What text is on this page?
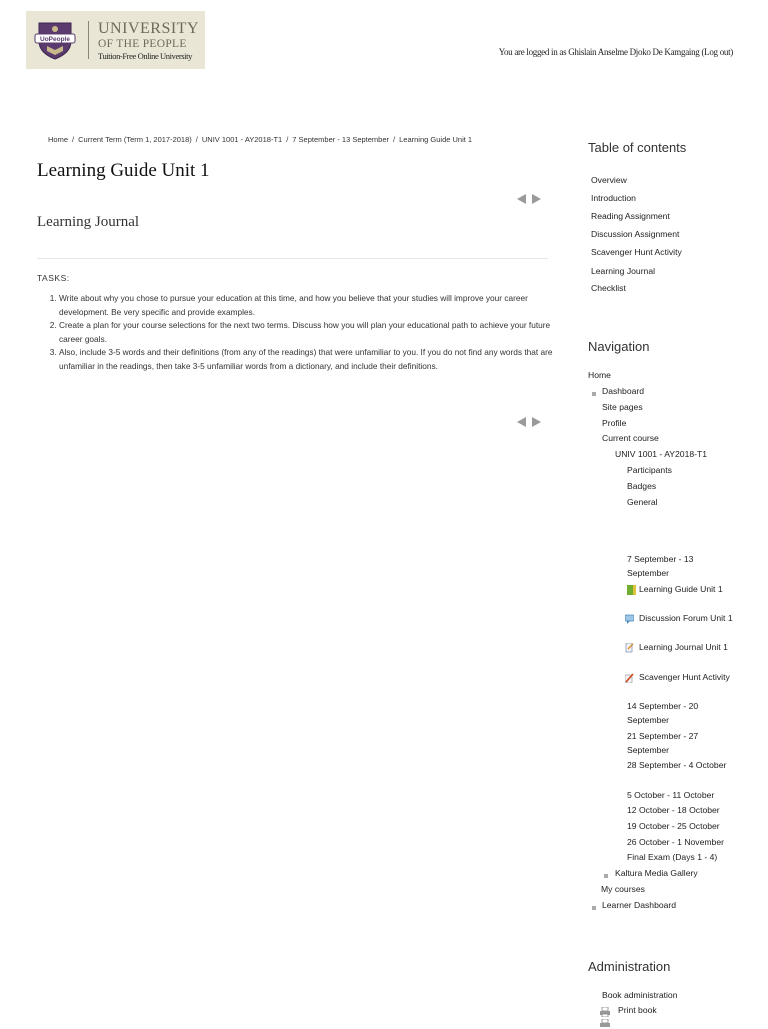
UoPeople
UNIVERSITY
OF THE PEOPLE
Tuition-Free Online University	You are logged in as Ghislain Anselme Djoko De Kamgaing (Log out)
Home / Current Term (Term 1, 2017-2018) / UNIV 1001 - AY2018-T1 / 7 September - 13 September / Learning Guide Unit 1
Learning Guide Unit 1
Learning Journal
TASKS:
1. Write about why you chose to pursue your education at this time, and how you believe that your studies will improve your career development. Be very specific and provide examples.
2. Create a plan for your course selections for the next two terms. Discuss how you will plan your educational path to achieve your future career goals.
3. Also, include 3-5 words and their definitions (from any of the readings) that were unfamiliar to you. If you do not find any words that are unfamiliar in the readings, then take 3-5 unfamiliar words from a dictionary, and include their definitions.
Table of contents
Overview
Introduction
Reading Assignment
Discussion Assignment
Scavenger Hunt Activity
Learning Journal
Checklist
Navigation
Home
Dashboard
Site pages
Profile
Current course
UNIV 1001 - AY2018-T1
Participants
Badges
General
7 September - 13 September
Learning Guide Unit 1
Discussion Forum Unit 1
Learning Journal Unit 1
Scavenger Hunt Activity
14 September - 20 September
21 September - 27 September
28 September - 4 October
5 October - 11 October
12 October - 18 October
19 October - 25 October
26 October - 1 November
Final Exam (Days 1 - 4)
Kaltura Media Gallery
My courses
Learner Dashboard
Administration
Book administration
Print book
